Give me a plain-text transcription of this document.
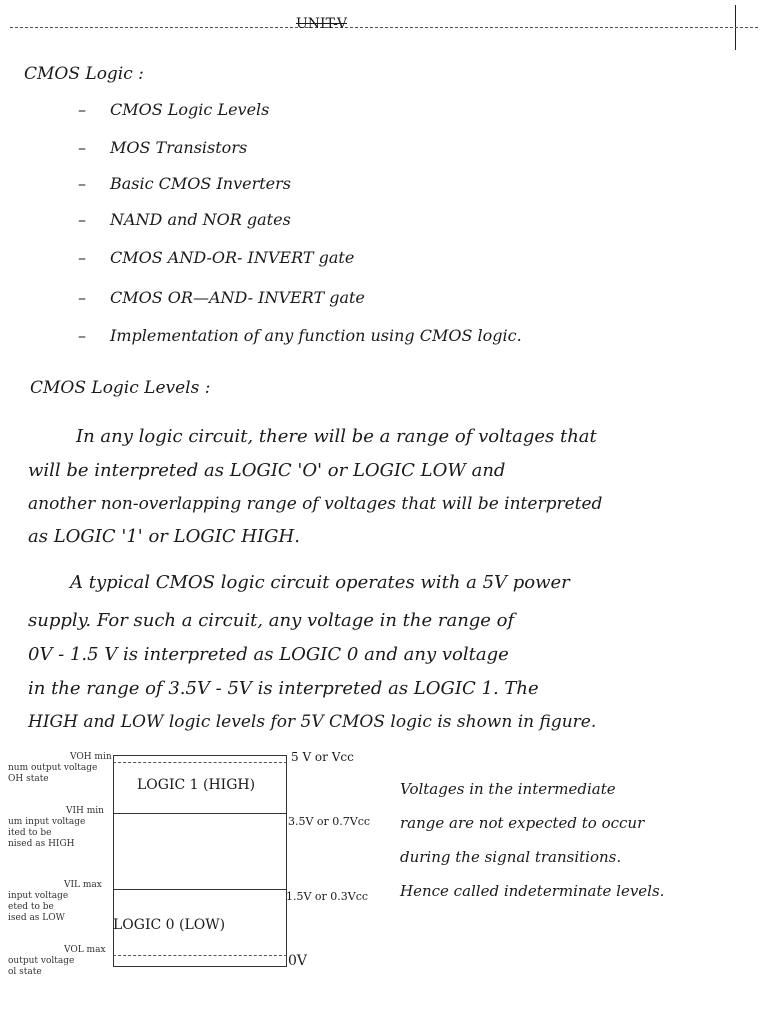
UNIT-V
CMOS Logic :
– CMOS Logic Levels
– MOS Transistors
– Basic CMOS Inverters
– NAND and NOR gates
– CMOS AND-OR- INVERT gate
– CMOS OR—AND- INVERT gate
– Implementation of any function using CMOS logic.
CMOS Logic Levels :
In any logic circuit, there will be a range of voltages that
will be interpreted as LOGIC 'O' or LOGIC LOW and
another non-overlapping range of voltages that will be interpreted
as LOGIC '1' or LOGIC HIGH.
A typical CMOS logic circuit operates with a 5V power
supply. For such a circuit, any voltage in the range of
0V - 1.5 V is interpreted as LOGIC 0 and any voltage
in the range of 3.5V - 5V is interpreted as LOGIC 1. The
HIGH and LOW logic levels for 5V CMOS logic is shown in figure.
LOGIC 1 (HIGH)
LOGIC 0 (LOW)
5 V or Vcc
3.5V or 0.7Vcc
1.5V or 0.3Vcc
0V
VOH min
num output voltage
OH state
VIH min
um input voltage
ited to be
nised as HIGH
VIL max
input voltage
eted to be
ised as LOW
VOL max
output voltage
ol state
Voltages in the intermediate
range are not expected to occur
during the signal transitions.
Hence called indeterminate levels.
